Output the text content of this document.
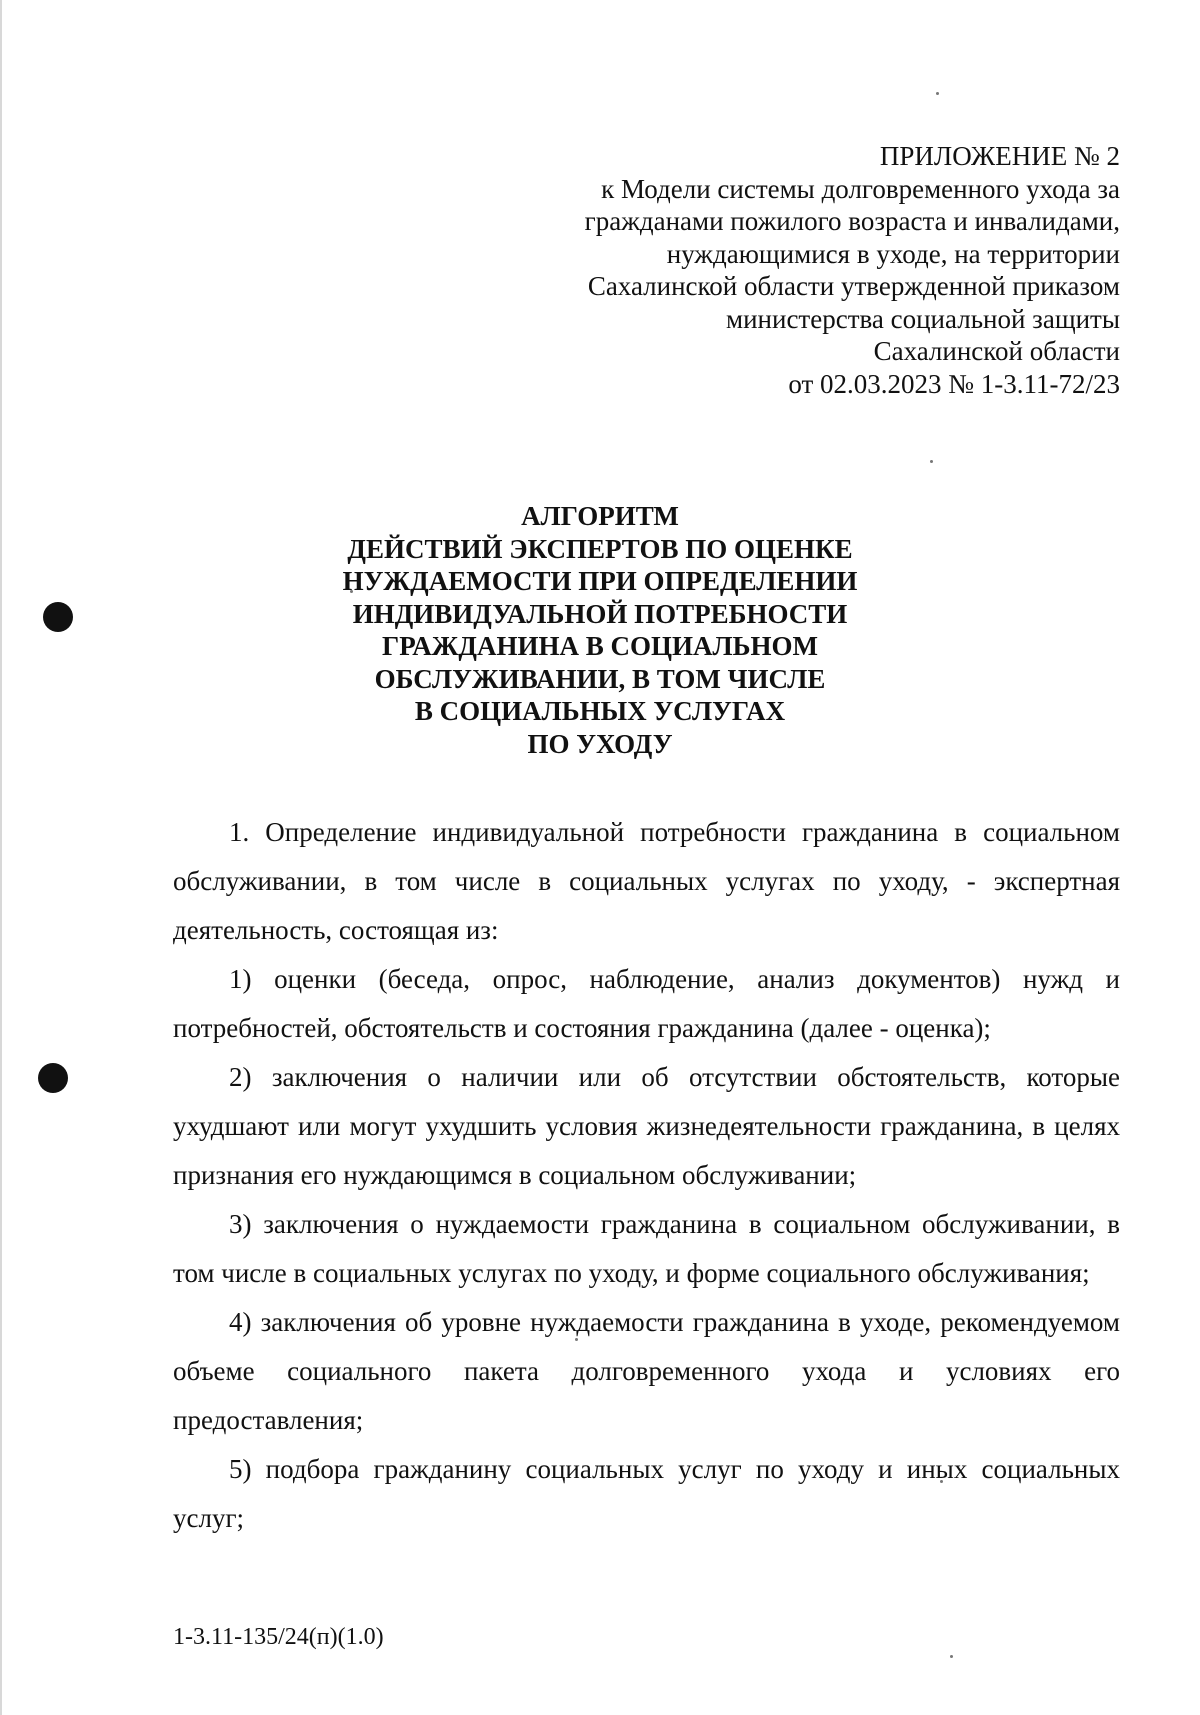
ПРИЛОЖЕНИЕ № 2
к Модели системы долговременного ухода за
гражданами пожилого возраста и инвалидами,
нуждающимися в уходе, на территории
Сахалинской области утвержденной приказом
министерства социальной защиты
Сахалинской области
от 02.03.2023 № 1-3.11-72/23
АЛГОРИТМ
ДЕЙСТВИЙ ЭКСПЕРТОВ ПО ОЦЕНКЕ
НУЖДАЕМОСТИ ПРИ ОПРЕДЕЛЕНИИ
ИНДИВИДУАЛЬНОЙ ПОТРЕБНОСТИ
ГРАЖДАНИНА В СОЦИАЛЬНОМ
ОБСЛУЖИВАНИИ, В ТОМ ЧИСЛЕ
В СОЦИАЛЬНЫХ УСЛУГАХ
ПО УХОДУ

1. Определение индивидуальной потребности гражданина в социальном обслуживании, в том числе в социальных услугах по уходу, - экспертная деятельность, состоящая из:

1) оценки (беседа, опрос, наблюдение, анализ документов) нужд и потребностей, обстоятельств и состояния гражданина (далее - оценка);

2) заключения о наличии или об отсутствии обстоятельств, которые ухудшают или могут ухудшить условия жизнедеятельности гражданина, в целях признания его нуждающимся в социальном обслуживании;

3) заключения о нуждаемости гражданина в социальном обслуживании, в том числе в социальных услугах по уходу, и форме социального обслуживания;

4) заключения об уровне нуждаемости гражданина в уходе, рекомендуемом объеме социального пакета долговременного ухода и условиях его предоставления;

5) подбора гражданину социальных услуг по уходу и иных социальных услуг;

1-3.11-135/24(п)(1.0)
